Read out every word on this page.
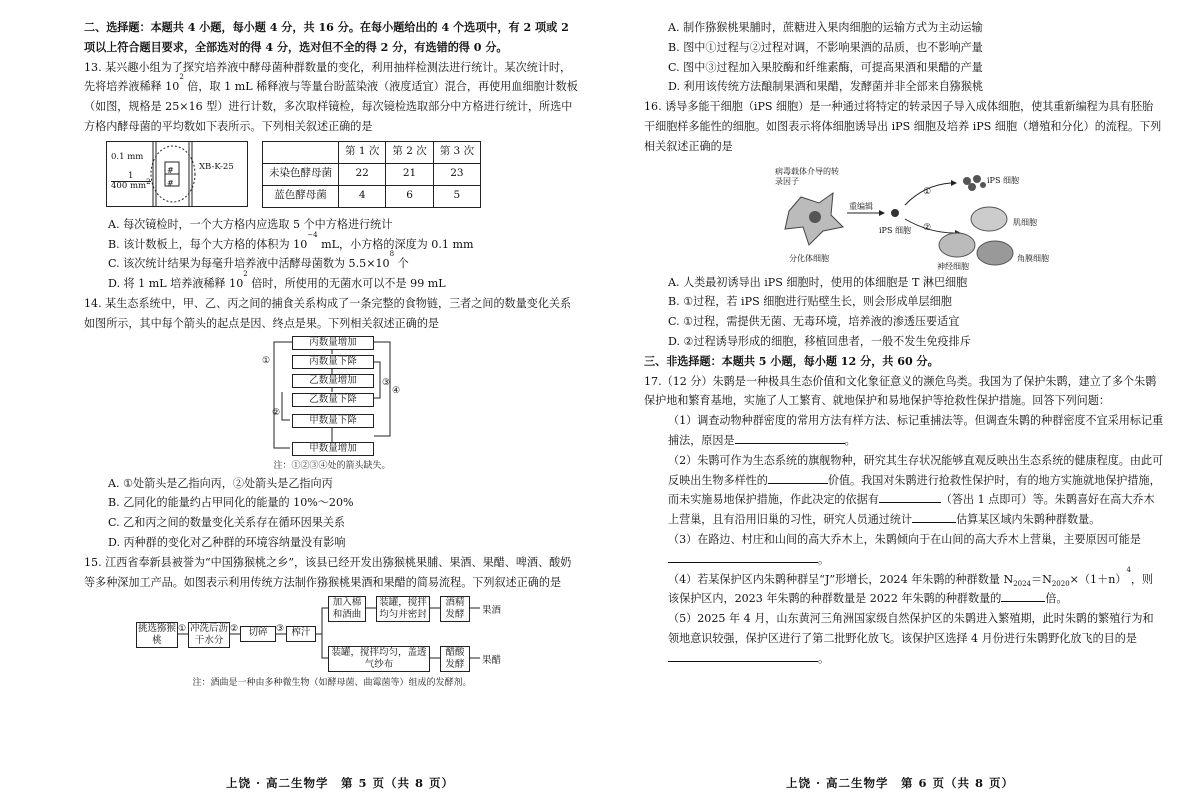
二、选择题：本题共 4 小题，每小题 4 分，共 16 分。在每小题给出的 4 个选项中，有 2 项或 2 项以上符合题目要求，全部选对的得 4 分，选对但不全的得 2 分，有选错的得 0 分。

13. 某兴趣小组为了探究培养液中酵母菌种群数量的变化，利用抽样检测法进行统计。某次统计时，先将培养液稀释 $10^2$ 倍，取 1 mL 稀释液与等量台盼蓝染液（液度适宜）混合，再使用血细胞计数板（如图，规格是 25×16 型）进行计数，多次取样镜检，每次镜检选取部分中方格进行统计，所选中方格内酵母菌的平均数如下表所示。下列相关叙述正确的是

0.1 mm
1
400 $mm^2$
#
#
XB-K-25
	第 1 次	第 2 次	第 3 次
未染色酵母菌	22	21	23
蓝色酵母菌	4	6	5

A. 每次镜检时，一个大方格内应选取 5 个中方格进行统计

B. 该计数板上，每个大方格的体积为 $10^{-4}$ mL，小方格的深度为 0.1 mm

C. 该次统计结果为每毫升培养液中活酵母菌数为 $5.5\times 10^8$ 个

D. 将 1 mL 培养液稀释 $10^2$ 倍时，所使用的无菌水可以不是 99 mL

14. 某生态系统中，甲、乙、丙之间的捕食关系构成了一条完整的食物链，三者之间的数量变化关系如图所示，其中每个箭头的起点是因、终点是果。下列相关叙述正确的是

丙数量增加
丙数量下降
乙数量增加
乙数量下降
甲数量下降
甲数量增加
①
②
③
④

注：①②③④处的箭头缺失。

A. ①处箭头是乙指向丙，②处箭头是乙指向丙

B. 乙同化的能量约占甲同化的能量的 10%～20%

C. 乙和丙之间的数量变化关系存在循环因果关系

D. 丙种群的变化对乙种群的环境容纳量没有影响

15. 江西省奉新县被誉为“中国猕猴桃之乡”，该县已经开发出猕猴桃果脯、果酒、果醋、啤酒、酸奶等多种深加工产品。如图表示利用传统方法制作猕猴桃果酒和果醋的简易流程。下列叙述正确的是

挑选猕猴桃
冲洗后沥干水分
切碎	榨汁
加入棉和酒曲
装罐，搅拌均匀并密封
酒精发酵	果酒
装罐，搅拌均匀，盖透气纱布
醋酸发酵	果醋
①	②	③

注：酒曲是一种由多种微生物（如酵母菌、曲霉菌等）组成的发酵剂。

上饶 · 高二生物学　第 5 页（共 8 页）

A. 制作猕猴桃果脯时，蔗糖进入果肉细胞的运输方式为主动运输

B. 图中①过程与②过程对调，不影响果酒的品质，也不影响产量

C. 图中③过程加入果胶酶和纤维素酶，可提高果酒和果醋的产量

D. 利用该传统方法酿制果酒和果醋，发酵菌并非全部来自猕猴桃

16. 诱导多能干细胞（iPS 细胞）是一种通过将特定的转录因子导入成体细胞，使其重新编程为具有胚胎干细胞样多能性的细胞。如图表示将体细胞诱导出 iPS 细胞及培养 iPS 细胞（增殖和分化）的流程。下列相关叙述正确的是

病毒载体介导的转录因子
重编辑
iPS 细胞
分化体细胞
iPS 细胞
肌细胞
神经细胞
角膜细胞
①
②

A. 人类最初诱导出 iPS 细胞时，使用的体细胞是 T 淋巴细胞

B. ①过程，若 iPS 细胞进行贴壁生长，则会形成单层细胞

C. ①过程，需提供无菌、无毒环境，培养液的渗透压要适宜

D. ②过程诱导形成的细胞，移植回患者，一般不发生免疫排斥

三、非选择题：本题共 5 小题，每小题 12 分，共 60 分。

17.（12 分）朱鹮是一种极具生态价值和文化象征意义的濒危鸟类。我国为了保护朱鹮，建立了多个朱鹮保护地和繁育基地，实施了人工繁育、就地保护和易地保护等抢救性保护措施。回答下列问题：

（1）调查动物种群密度的常用方法有样方法、标记重捕法等。但调查朱鹮的种群密度不宜采用标记重捕法，原因是	。

（2）朱鹮可作为生态系统的旗舰物种，研究其生存状况能够直观反映出生态系统的健康程度。由此可反映出生物多样性的	价值。我国对朱鹮进行抢救性保护时，有的地方实施就地保护措施，而未实施易地保护措施，作此决定的依据有	（答出 1 点即可）等。朱鹮喜好在高大乔木上营巢，且有沿用旧巢的习性，研究人员通过统计	估算某区域内朱鹮种群数量。

（3）在路边、村庄和山间的高大乔木上，朱鹮倾向于在山间的高大乔木上营巢，主要原因可能是。

（4）若某保护区内朱鹮种群呈“J”形增长，2024 年朱鹮的种群数量 $N_{2024}=N_{2020}\times(1+n)^4$，则该保护区内，2023 年朱鹮的种群数量是 2022 年朱鹮的种群数量的	倍。

（5）2025 年 4 月，山东黄河三角洲国家级自然保护区的朱鹮进入繁殖期，此时朱鹮的繁殖行为和领地意识较强，保护区进行了第二批野化放飞。该保护区选择 4 月份进行朱鹮野化放飞的目的是。

上饶 · 高二生物学　第 6 页（共 8 页）
